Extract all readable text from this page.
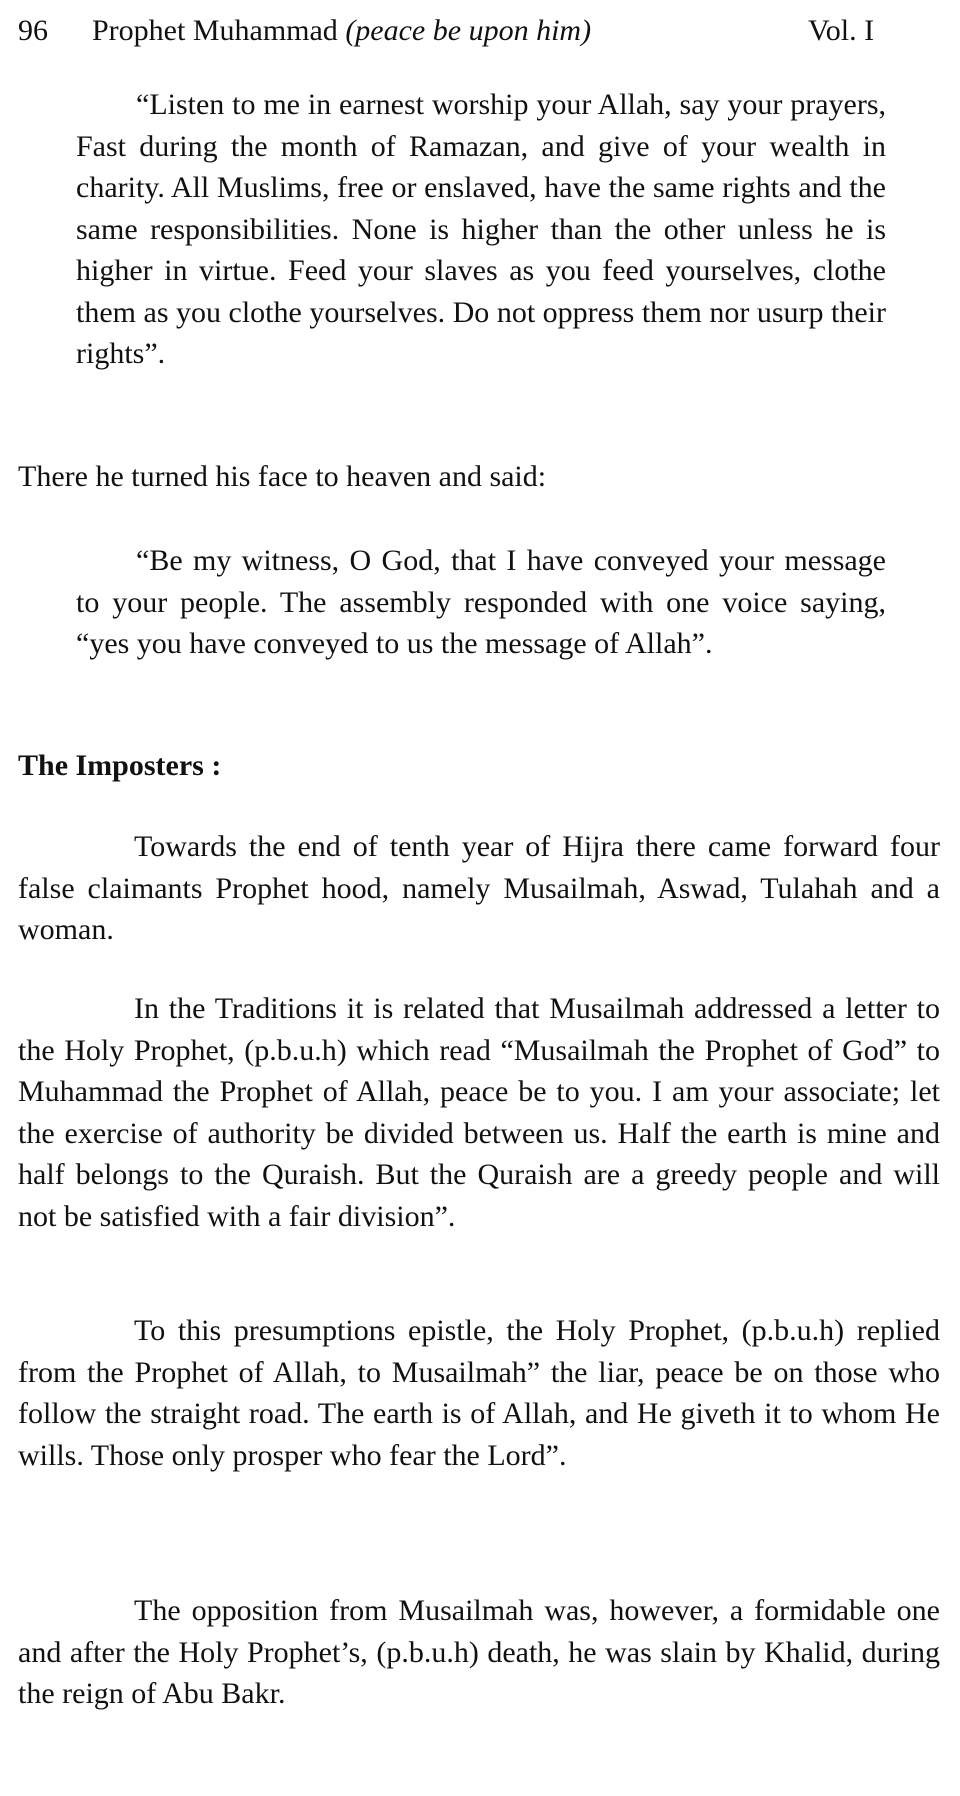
96 Prophet Muhammad (peace be upon him)	Vol. I
“Listen to me in earnest worship your Allah, say your prayers, Fast during the month of Ramazan, and give of your wealth in charity. All Muslims, free or enslaved, have the same rights and the same responsibilities. None is higher than the other unless he is higher in virtue. Feed your slaves as you feed yourselves, clothe them as you clothe yourselves. Do not oppress them nor usurp their rights”.
There he turned his face to heaven and said:
“Be my witness, O God, that I have conveyed your message to your people. The assembly responded with one voice saying, “yes you have conveyed to us the message of Allah”.
The Imposters :
Towards the end of tenth year of Hijra there came forward four false claimants Prophet hood, namely Musailmah, Aswad, Tulahah and a woman.
In the Traditions it is related that Musailmah addressed a letter to the Holy Prophet, (p.b.u.h) which read “Musailmah the Prophet of God” to Muhammad the Prophet of Allah, peace be to you. I am your associate; let the exercise of authority be divided between us. Half the earth is mine and half belongs to the Quraish. But the Quraish are a greedy people and will not be satisfied with a fair division”.
To this presumptions epistle, the Holy Prophet, (p.b.u.h) replied from the Prophet of Allah, to Musailmah” the liar, peace be on those who follow the straight road. The earth is of Allah, and He giveth it to whom He wills. Those only prosper who fear the Lord”.
The opposition from Musailmah was, however, a formidable one and after the Holy Prophet’s, (p.b.u.h) death, he was slain by Khalid, during the reign of Abu Bakr.
